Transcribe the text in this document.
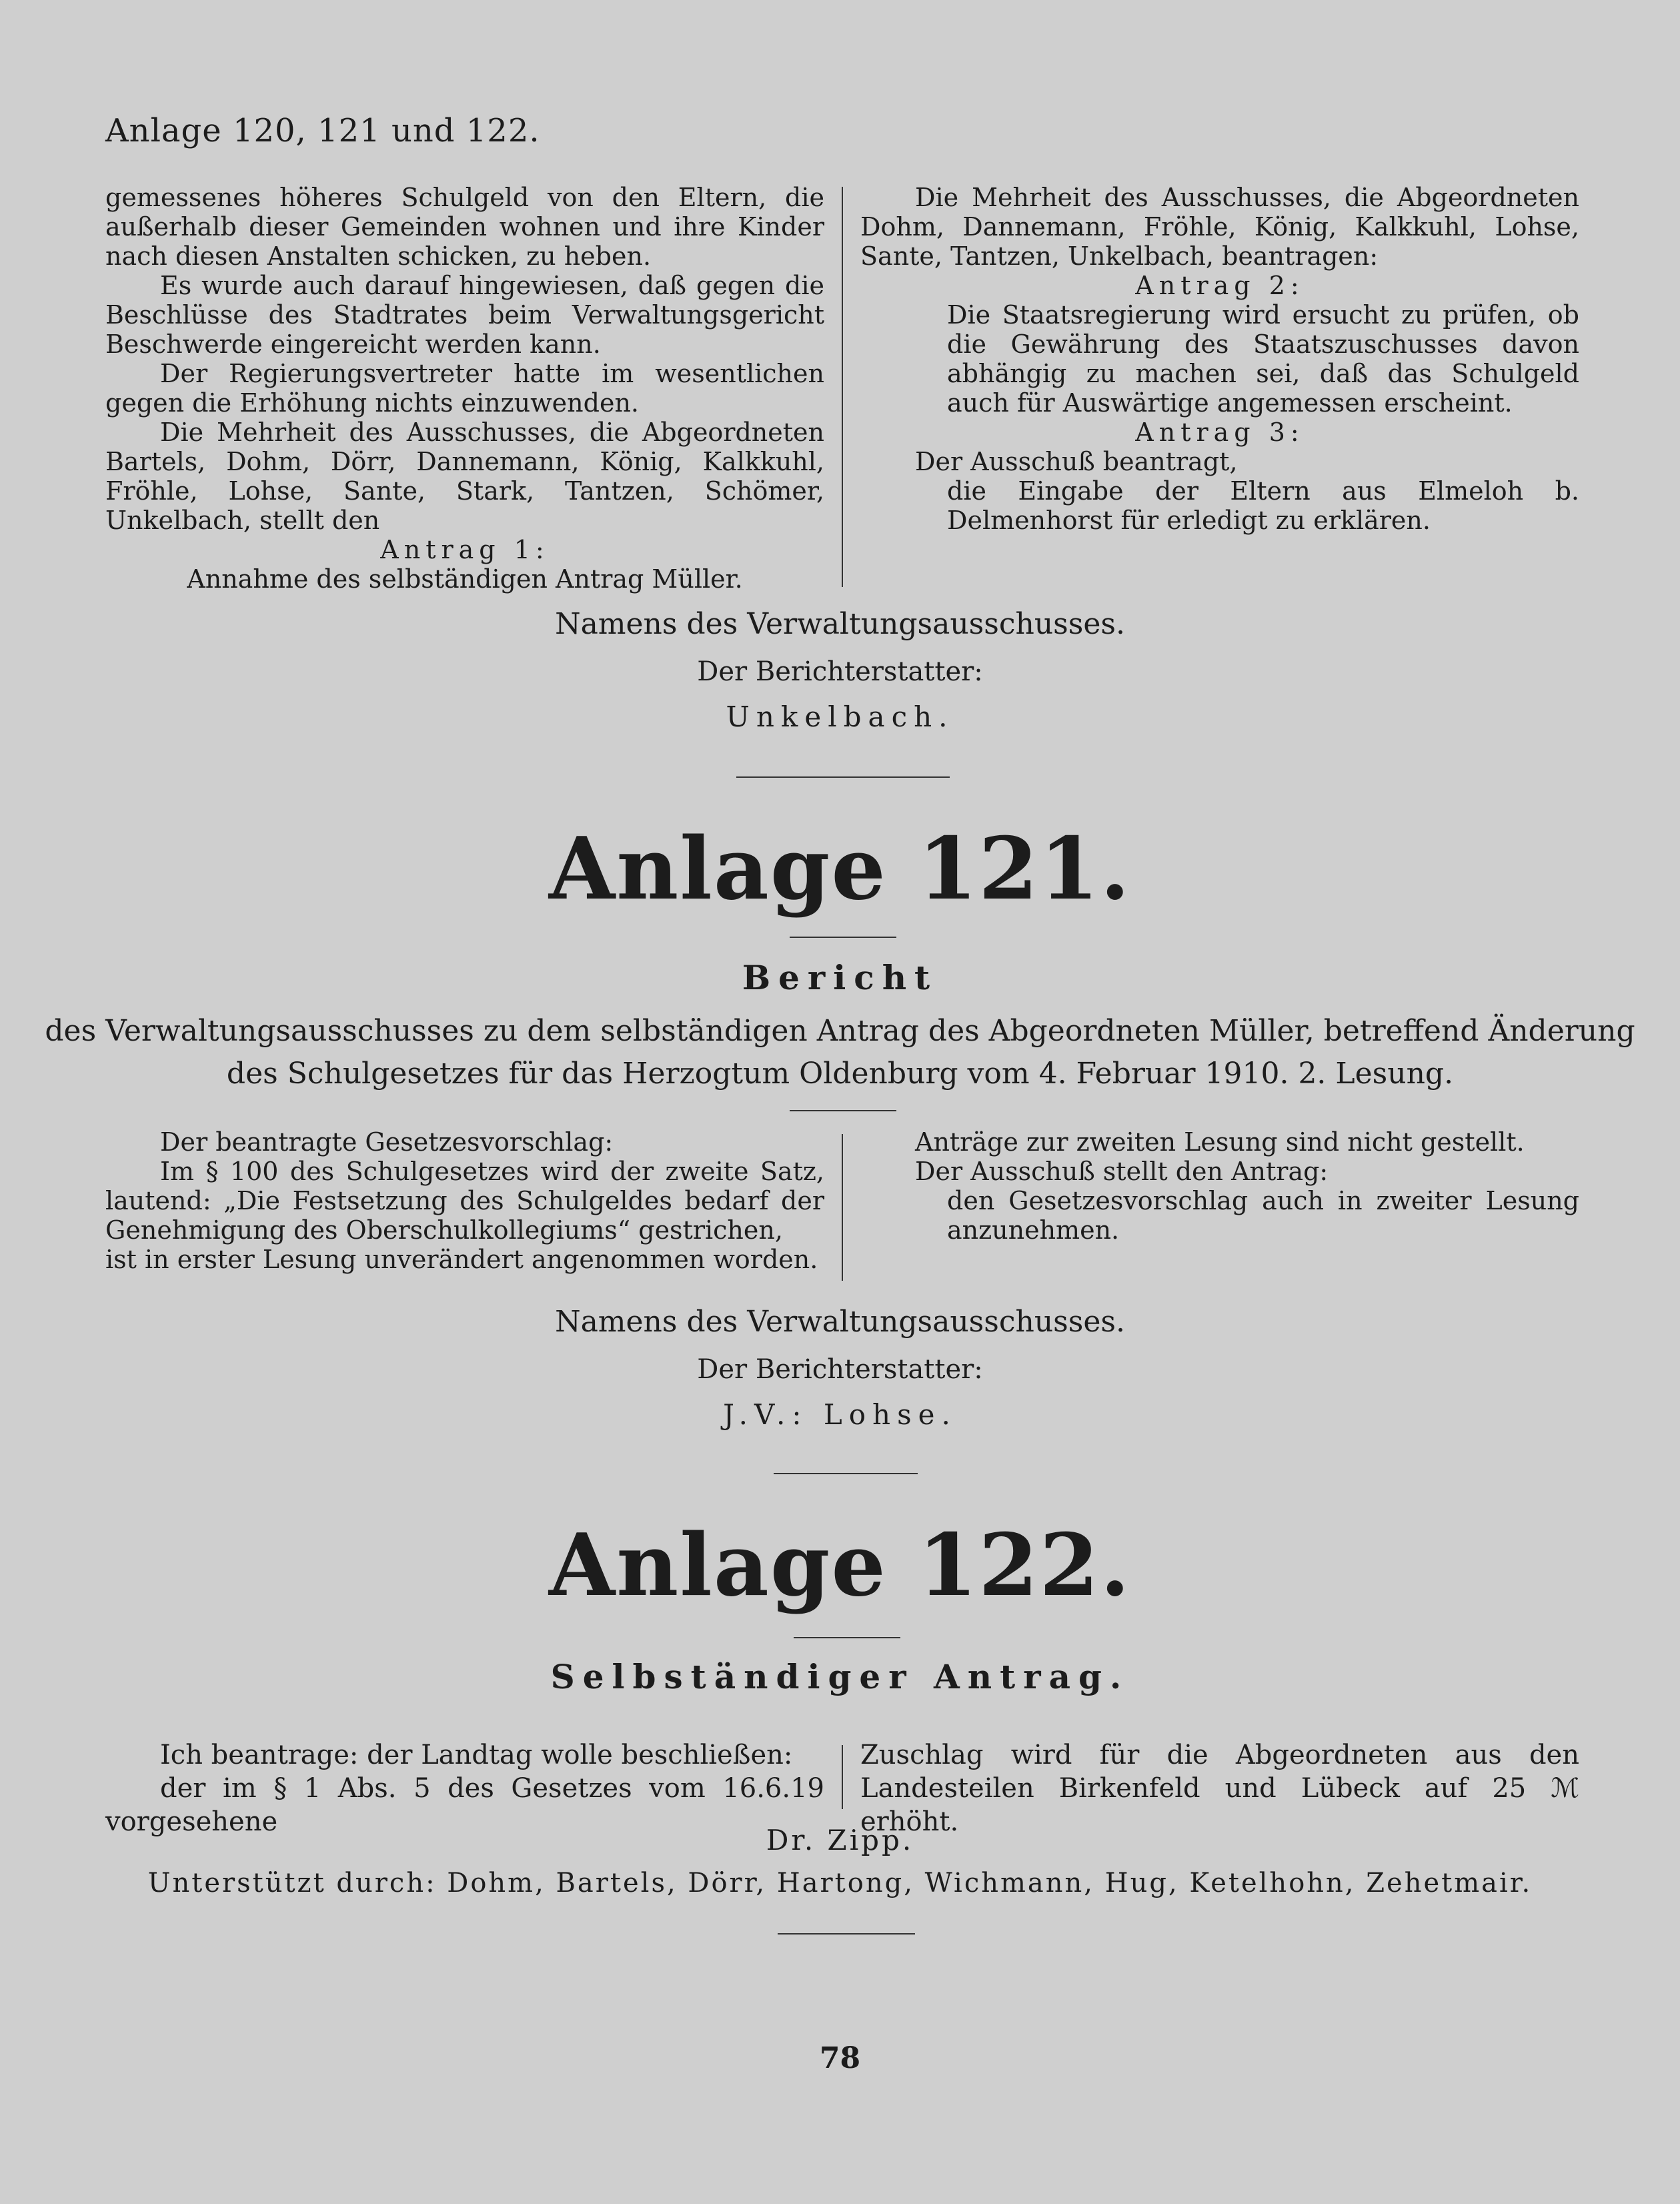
Anlage 120, 121 und 122.

gemessenes höheres Schulgeld von den Eltern, die außerhalb dieser Gemeinden wohnen und ihre Kinder nach diesen Anstalten schicken, zu heben.

Es wurde auch darauf hingewiesen, daß gegen die Beschlüsse des Stadtrates beim Verwaltungsgericht Beschwerde eingereicht werden kann.

Der Regierungsvertreter hatte im wesentlichen gegen die Erhöhung nichts einzuwenden.

Die Mehrheit des Ausschusses, die Abgeordneten Bartels, Dohm, Dörr, Dannemann, König, Kalkkuhl, Fröhle, Lohse, Sante, Stark, Tantzen, Schömer, Unkelbach, stellt den

Antrag 1:

Annahme des selbständigen Antrag Müller.

Die Mehrheit des Ausschusses, die Abgeordneten Dohm, Dannemann, Fröhle, König, Kalkkuhl, Lohse, Sante, Tantzen, Unkelbach, beantragen:

Antrag 2:

Die Staatsregierung wird ersucht zu prüfen, ob die Gewährung des Staatszuschusses davon abhängig zu machen sei, daß das Schulgeld auch für Auswärtige angemessen erscheint.

Antrag 3:

Der Ausschuß beantragt,

die Eingabe der Eltern aus Elmeloh b. Delmenhorst für erledigt zu erklären.

Namens des Verwaltungsausschusses.
Der Berichterstatter:
Unkelbach.
Anlage 121.
Bericht
des Verwaltungsausschusses zu dem selbständigen Antrag des Abgeordneten Müller, betreffend Änderung
des Schulgesetzes für das Herzogtum Oldenburg vom 4. Februar 1910. 2. Lesung.

Der beantragte Gesetzesvorschlag:

Im § 100 des Schulgesetzes wird der zweite Satz, lautend: „Die Festsetzung des Schulgeldes bedarf der Genehmigung des Oberschulkollegiums“ gestrichen,

ist in erster Lesung unverändert angenommen worden.

Anträge zur zweiten Lesung sind nicht gestellt.

Der Ausschuß stellt den Antrag:

den Gesetzesvorschlag auch in zweiter Lesung anzunehmen.

Namens des Verwaltungsausschusses.
Der Berichterstatter:
J.V.: Lohse.
Anlage 122.
Selbständiger Antrag.

Ich beantrage: der Landtag wolle beschließen:

der im § 1 Abs. 5 des Gesetzes vom 16.6.19 vorgesehene

Zuschlag wird für die Abgeordneten aus den Landesteilen Birkenfeld und Lübeck auf 25 ℳ erhöht.

Dr. Zipp.
Unterstützt durch: Dohm, Bartels, Dörr, Hartong, Wichmann, Hug, Ketelhohn, Zehetmair.
78
